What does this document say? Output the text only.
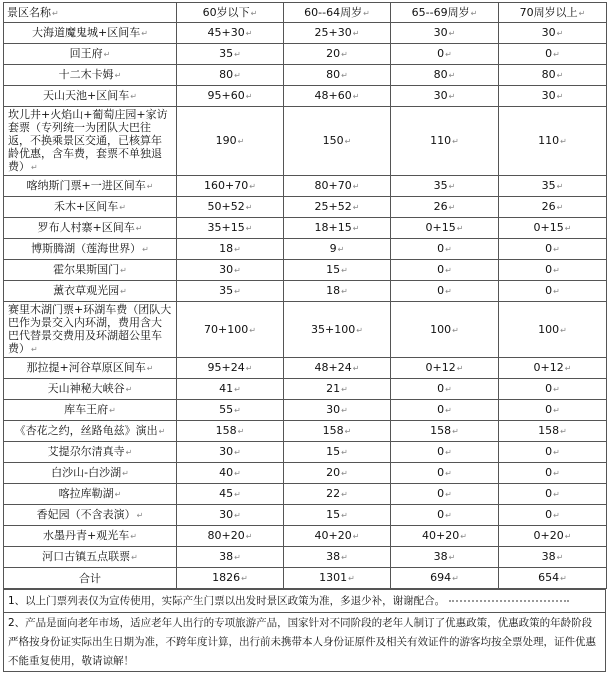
景区名称↵	60岁以下↵	60--64周岁↵	65--69周岁↵	70周岁以上↵
大海道魔鬼城+区间车↵	45+30↵	25+30↵	30↵	30↵
回王府↵	35↵	20↵	0↵	0↵
十二木卡姆↵	80↵	80↵	80↵	80↵
天山天池+区间车↵	95+60↵	48+60↵	30↵	30↵
坎儿井+火焰山+葡萄庄园+家访套票（专列统一为团队大巴往返，不换乘景区交通，已核算年龄优惠，含车费，套票不单独退费）↵	190↵	150↵	110↵	110↵
喀纳斯门票+一进区间车↵	160+70↵	80+70↵	35↵	35↵
禾木+区间车↵	50+52↵	25+52↵	26↵	26↵
罗布人村寨+区间车↵	35+15↵	18+15↵	0+15↵	0+15↵
博斯腾湖（莲海世界）↵	18↵	9↵	0↵	0↵
霍尔果斯国门↵	30↵	15↵	0↵	0↵
薰衣草观光园↵	35↵	18↵	0↵	0↵
赛里木湖门票+环湖车费（团队大巴作为景交入内环湖，费用含大巴代替景交费用及环湖超公里车费）↵	70+100↵	35+100↵	100↵	100↵
那拉提+河谷草原区间车↵	95+24↵	48+24↵	0+12↵	0+12↵
天山神秘大峡谷↵	41↵	21↵	0↵	0↵
库车王府↵	55↵	30↵	0↵	0↵
《杏花之约，丝路龟兹》演出↵	158↵	158↵	158↵	158↵
艾提尕尔清真寺↵	30↵	15↵	0↵	0↵
白沙山-白沙湖↵	40↵	20↵	0↵	0↵
喀拉库勒湖↵	45↵	22↵	0↵	0↵
香妃园（不含表演）↵	30↵	15↵	0↵	0↵
水墨丹青+观光车↵	80+20↵	40+20↵	40+20↵	0+20↵
河口古镇五点联票↵	38↵	38↵	38↵	38↵
合计	1826↵	1301↵	694↵	654↵
1、以上门票列表仅为宣传使用，实际产生门票以出发时景区政策为准，多退少补，谢谢配合。
2、产品是面向老年市场，适应老年人出行的专项旅游产品，国家针对不同阶段的老年人制订了优惠政策，优惠政策的年龄阶段严格按身份证实际出生日期为准，不跨年度计算，出行前未携带本人身份证原件及相关有效证件的游客均按全票处理，证件优惠不能重复使用，敬请谅解！
